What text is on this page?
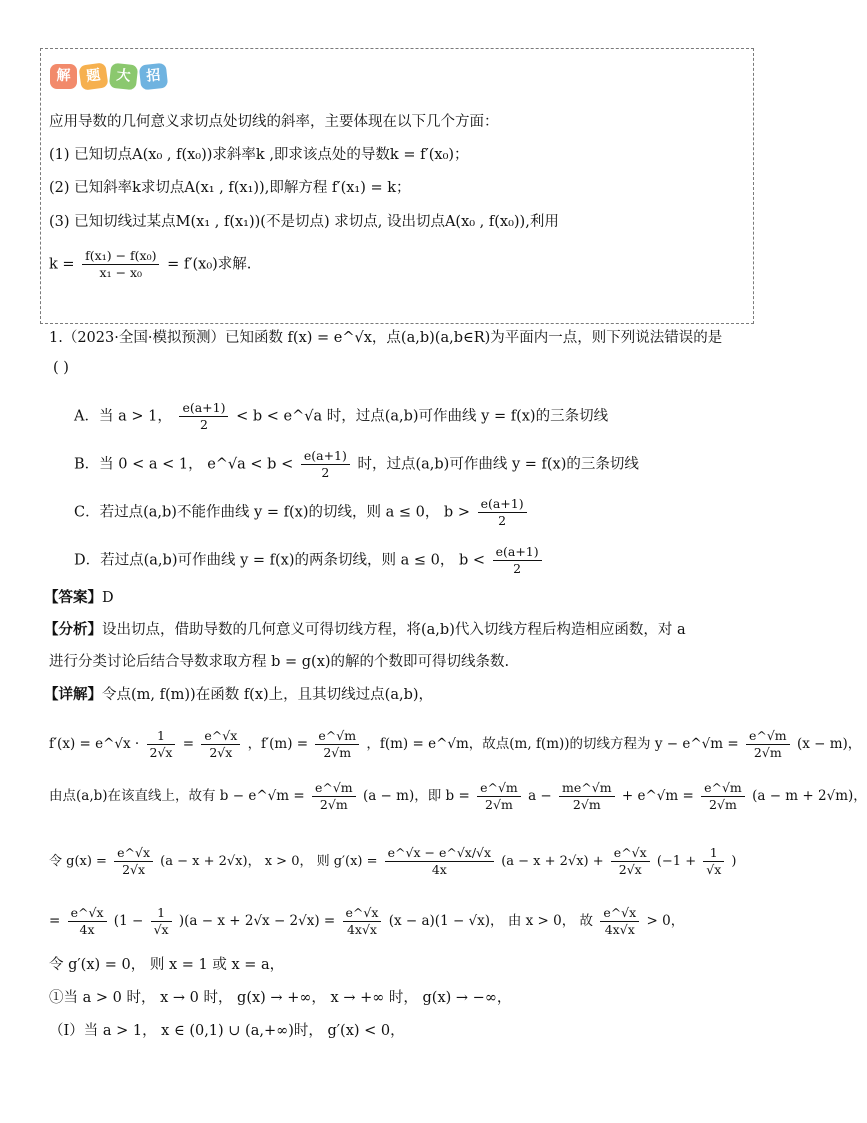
解	题	大	招
应用导数的几何意义求切点处切线的斜率，主要体现在以下几个方面：
(1) 已知切点A(x₀ , f(x₀))求斜率k ,即求该点处的导数k = f′(x₀)；
(2) 已知斜率k求切点A(x₁ , f(x₁)),即解方程 f′(x₁) = k；
(3) 已知切线过某点M(x₁ , f(x₁))(不是切点) 求切点, 设出切点A(x₀ , f(x₀)),利用
$k = \frac{\text{f(x₁) − f(x₀)}}{\text{x₁ − x₀}} = f'(x_0)$求解.
1.（2023·全国·模拟预测）已知函数 f(x) = e^√x，点(a,b)(a,b∈R)为平面内一点，则下列说法错误的是
( )
A．当 a > 1， $\frac{e(a+1)}{2} < b$ < e^√a 时，过点(a,b)可作曲线 y = f(x)的三条切线
B．当 0 < a < 1， e^√a < $b < \frac{e(a+1)}{2}$ 时，过点(a,b)可作曲线 y = f(x)的三条切线
C．若过点(a,b)不能作曲线 y = f(x)的切线，则 a ≤ 0， $b > \frac{e(a+1)}{2}$
D．若过点(a,b)可作曲线 y = f(x)的两条切线，则 a ≤ 0， $b < \frac{e(a+1)}{2}$
【答案】D
【分析】设出切点，借助导数的几何意义可得切线方程，将(a,b)代入切线方程后构造相应函数，对 a
进行分类讨论后结合导数求取方程 b = g(x)的解的个数即可得切线条数.
【详解】令点(m, f(m))在函数 f(x)上，且其切线过点(a,b)，
f′(x) = e^√x · $\frac{1}{2√x} = \frac{e\^{}√x}{2√x}$ ，$f'(m) = \frac{e\^{}√m}{2√m}$ ，f(m) = e^√m，故点(m, f(m))的切线方程为 y − e^√m = $\frac{e\^{}√m}{2√m} (x - m)$，
由点(a,b)在该直线上，故有 b − e^√m = $\frac{e\^{}√m}{2√m} (a - m)$，即 $b = \frac{e\^{}√m}{2√m}$ $a - \frac{me\^{}√m}{2√m}$ + e^√m = $\frac{e\^{}√m}{2√m} (a - m + 2√m)$，
令 $g(x) = \frac{e\^{}√x}{2√x} (a - x + 2√x)$， x > 0， 则 $g'(x) = \frac{e\^{}√x - e\^{}√x/√x}{4x} (a - x + 2√x) + \frac{e\^{}√x}{2√x} (-1 + \frac{1}{√x}$ )
= $\frac{e\^{}√x}{4x} (1 - \frac{1}{√x} )(a - x + 2√x - 2√x) = \frac{e\^{}√x}{4x√x} (x - a)(1 - √x)$， 由 x > 0， 故 $\frac{e\^{}√x}{4x√x} > 0$，
令 g′(x) = 0， 则 x = 1 或 x = a，
①当 a > 0 时， x → 0 时， g(x) → +∞， x → +∞ 时， g(x) → −∞，
（Ⅰ）当 a > 1， x ∈ (0,1) ∪ (a,+∞)时， g′(x) < 0，
